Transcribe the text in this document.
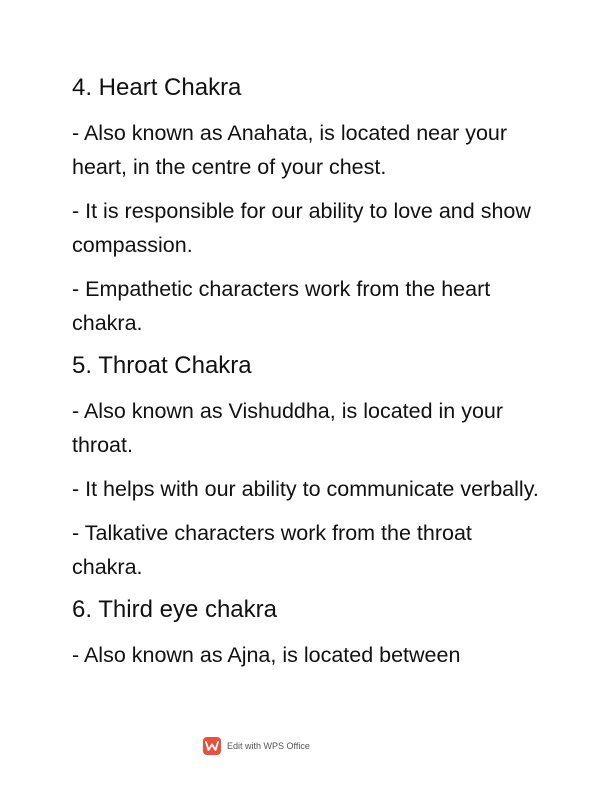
4. Heart Chakra
- Also known as Anahata, is located near your heart, in the centre of your chest.
- It is responsible for our ability to love and show compassion.
- Empathetic characters work from the heart chakra.
5. Throat Chakra
- Also known as Vishuddha, is located in your throat.
- It helps with our ability to communicate verbally.
- Talkative characters work from the throat chakra.
6. Third eye chakra
- Also known as Ajna, is located between
Edit with WPS Office
